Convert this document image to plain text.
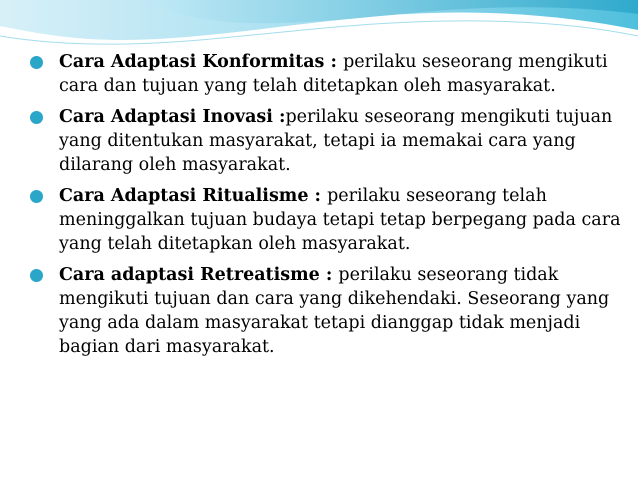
Cara Adaptasi Konformitas : perilaku seseorang mengikuti cara dan tujuan yang telah ditetapkan oleh masyarakat.
Cara Adaptasi Inovasi :perilaku seseorang mengikuti tujuan yang ditentukan masyarakat, tetapi ia memakai cara yang dilarang oleh masyarakat.
Cara Adaptasi Ritualisme : perilaku seseorang telah meninggalkan tujuan budaya tetapi tetap berpegang pada cara yang telah ditetapkan oleh masyarakat.
Cara adaptasi Retreatisme : perilaku seseorang tidak mengikuti tujuan dan cara yang dikehendaki. Seseorang yang yang ada dalam masyarakat tetapi dianggap tidak menjadi bagian dari masyarakat.
